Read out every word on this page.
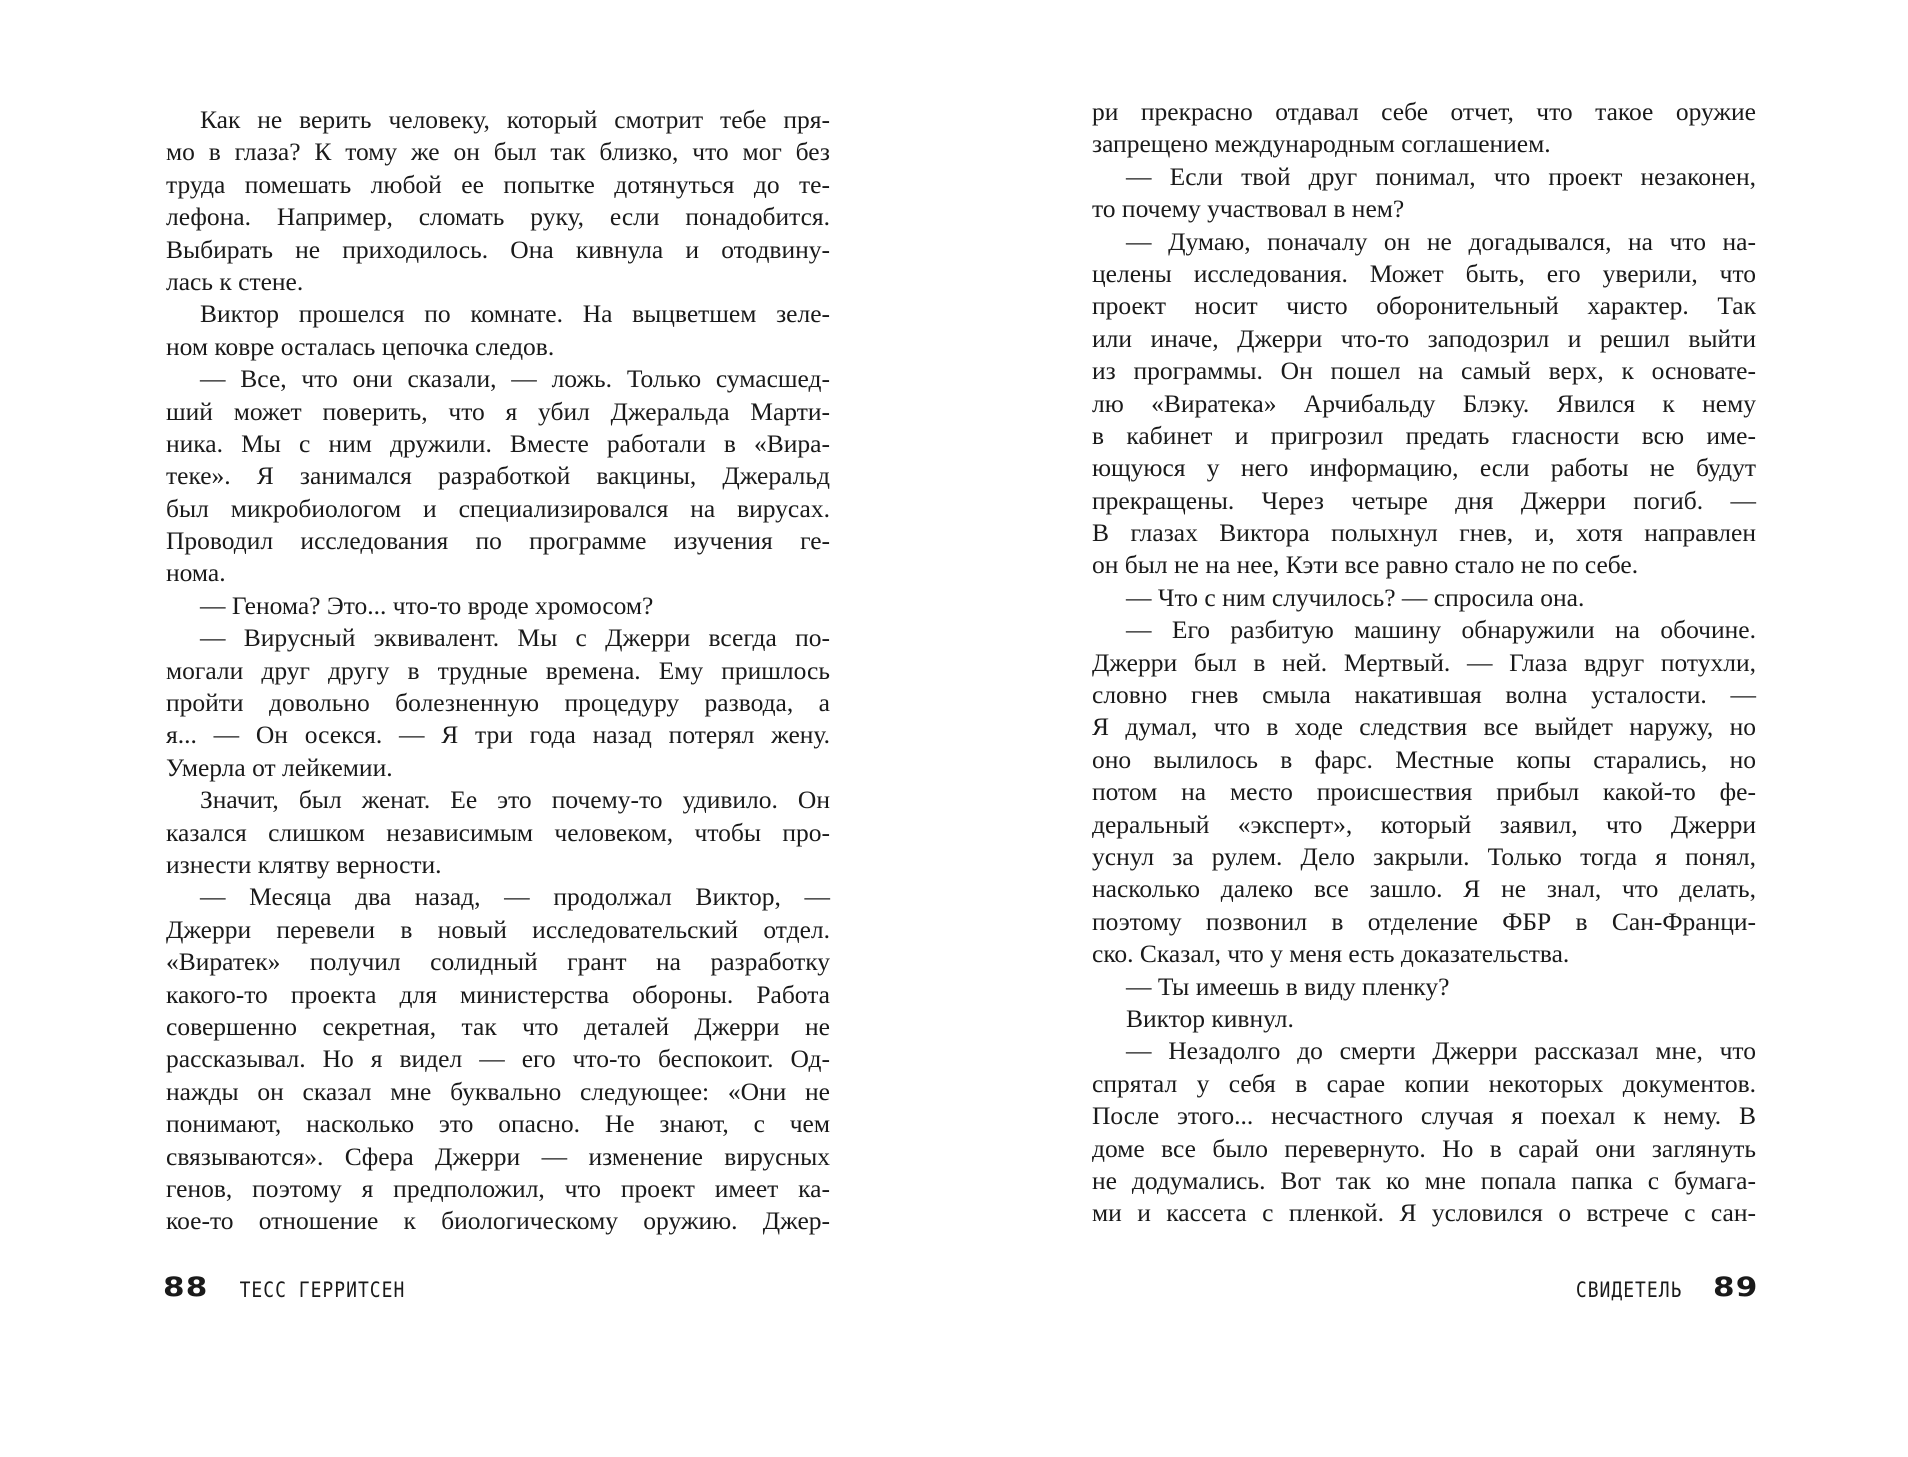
Как не верить человеку, который смотрит тебе пря-
мо в глаза? К тому же он был так близко, что мог без
труда помешать любой ее попытке дотянуться до те-
лефона. Например, сломать руку, если понадобится.
Выбирать не приходилось. Она кивнула и отодвину-
лась к стене.
Виктор прошелся по комнате. На выцветшем зеле-
ном ковре осталась цепочка следов.
— Все, что они сказали, — ложь. Только сумасшед-
ший может поверить, что я убил Джеральда Марти-
ника. Мы с ним дружили. Вместе работали в «Вира-
теке». Я занимался разработкой вакцины, Джеральд
был микробиологом и специализировался на вирусах.
Проводил исследования по программе изучения ге-
нома.
— Генома? Это... что-то вроде хромосом?
— Вирусный эквивалент. Мы с Джерри всегда по-
могали друг другу в трудные времена. Ему пришлось
пройти довольно болезненную процедуру развода, а
я... — Он осекся. — Я три года назад потерял жену.
Умерла от лейкемии.
Значит, был женат. Ее это почему-то удивило. Он
казался слишком независимым человеком, чтобы про-
изнести клятву верности.
— Месяца два назад, — продолжал Виктор, —
Джерри перевели в новый исследовательский отдел.
«Виратек» получил солидный грант на разработку
какого-то проекта для министерства обороны. Работа
совершенно секретная, так что деталей Джерри не
рассказывал. Но я видел — его что-то беспокоит. Од-
нажды он сказал мне буквально следующее: «Они не
понимают, насколько это опасно. Не знают, с чем
связываются». Сфера Джерри — изменение вирусных
генов, поэтому я предположил, что проект имеет ка-
кое-то отношение к биологическому оружию. Джер-
ри прекрасно отдавал себе отчет, что такое оружие
запрещено международным соглашением.
— Если твой друг понимал, что проект незаконен,
то почему участвовал в нем?
— Думаю, поначалу он не догадывался, на что на-
целены исследования. Может быть, его уверили, что
проект носит чисто оборонительный характер. Так
или иначе, Джерри что-то заподозрил и решил выйти
из программы. Он пошел на самый верх, к основате-
лю «Виратека» Арчибальду Блэку. Явился к нему
в кабинет и пригрозил предать гласности всю име-
ющуюся у него информацию, если работы не будут
прекращены. Через четыре дня Джерри погиб. —
В глазах Виктора полыхнул гнев, и, хотя направлен
он был не на нее, Кэти все равно стало не по себе.
— Что с ним случилось? — спросила она.
— Его разбитую машину обнаружили на обочине.
Джерри был в ней. Мертвый. — Глаза вдруг потухли,
словно гнев смыла накатившая волна усталости. —
Я думал, что в ходе следствия все выйдет наружу, но
оно вылилось в фарс. Местные копы старались, но
потом на место происшествия прибыл какой-то фе-
деральный «эксперт», который заявил, что Джерри
уснул за рулем. Дело закрыли. Только тогда я понял,
насколько далеко все зашло. Я не знал, что делать,
поэтому позвонил в отделение ФБР в Сан-Франци-
ско. Сказал, что у меня есть доказательства.
— Ты имеешь в виду пленку?
Виктор кивнул.
— Незадолго до смерти Джерри рассказал мне, что
спрятал у себя в сарае копии некоторых документов.
После этого... несчастного случая я поехал к нему. В
доме все было перевернуто. Но в сарай они заглянуть
не додумались. Вот так ко мне попала папка с бумага-
ми и кассета с пленкой. Я условился о встрече с сан-
88 ТЕСС ГЕРРИТСЕН	СВИДЕТЕЛЬ 89
